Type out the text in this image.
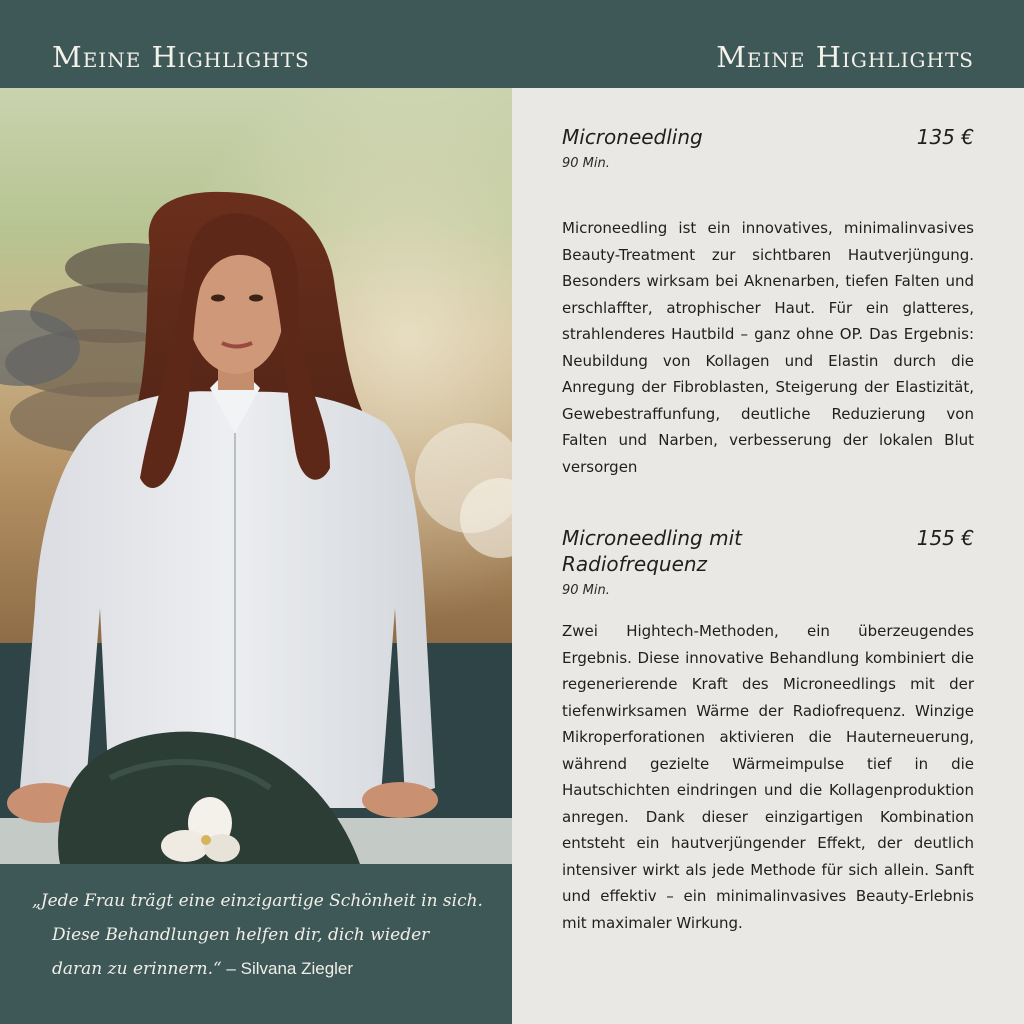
Meine Highlights	Meine Highlights
„Jede Frau trägt eine einzigartige Schönheit in sich.
Diese Behandlungen helfen dir, dich wieder
daran zu erinnern.“ – Silvana Ziegler
Microneedling	135 €
90 Min.

Microneedling ist ein innovatives, minimalinvasives Beauty-Treatment zur sichtbaren Hautverjüngung. Besonders wirksam bei Aknenarben, tiefen Falten und erschlaffter, atrophischer Haut. Für ein glatteres, strahlenderes Hautbild – ganz ohne OP. Das Ergebnis: Neubildung von Kollagen und Elastin durch die Anregung der Fibroblasten, Steigerung der Elastizität, Gewebestraffunfung, deutliche Reduzierung von Falten und Narben, verbesserung der lokalen Blut versorgen

Microneedling mit Radiofrequenz
155 €
90 Min.

Zwei Hightech-Methoden, ein überzeugendes Ergebnis. Diese innovative Behandlung kombiniert die regenerierende Kraft des Microneedlings mit der tiefenwirksamen Wärme der Radiofrequenz. Winzige Mikroperforationen aktivieren die Hauterneuerung, während gezielte Wärmeimpulse tief in die Hautschichten eindringen und die Kollagenproduktion anregen. Dank dieser einzigartigen Kombination entsteht ein hautverjüngender Effekt, der deutlich intensiver wirkt als jede Methode für sich allein. Sanft und effektiv – ein minimalinvasives Beauty-Erlebnis mit maximaler Wirkung.
